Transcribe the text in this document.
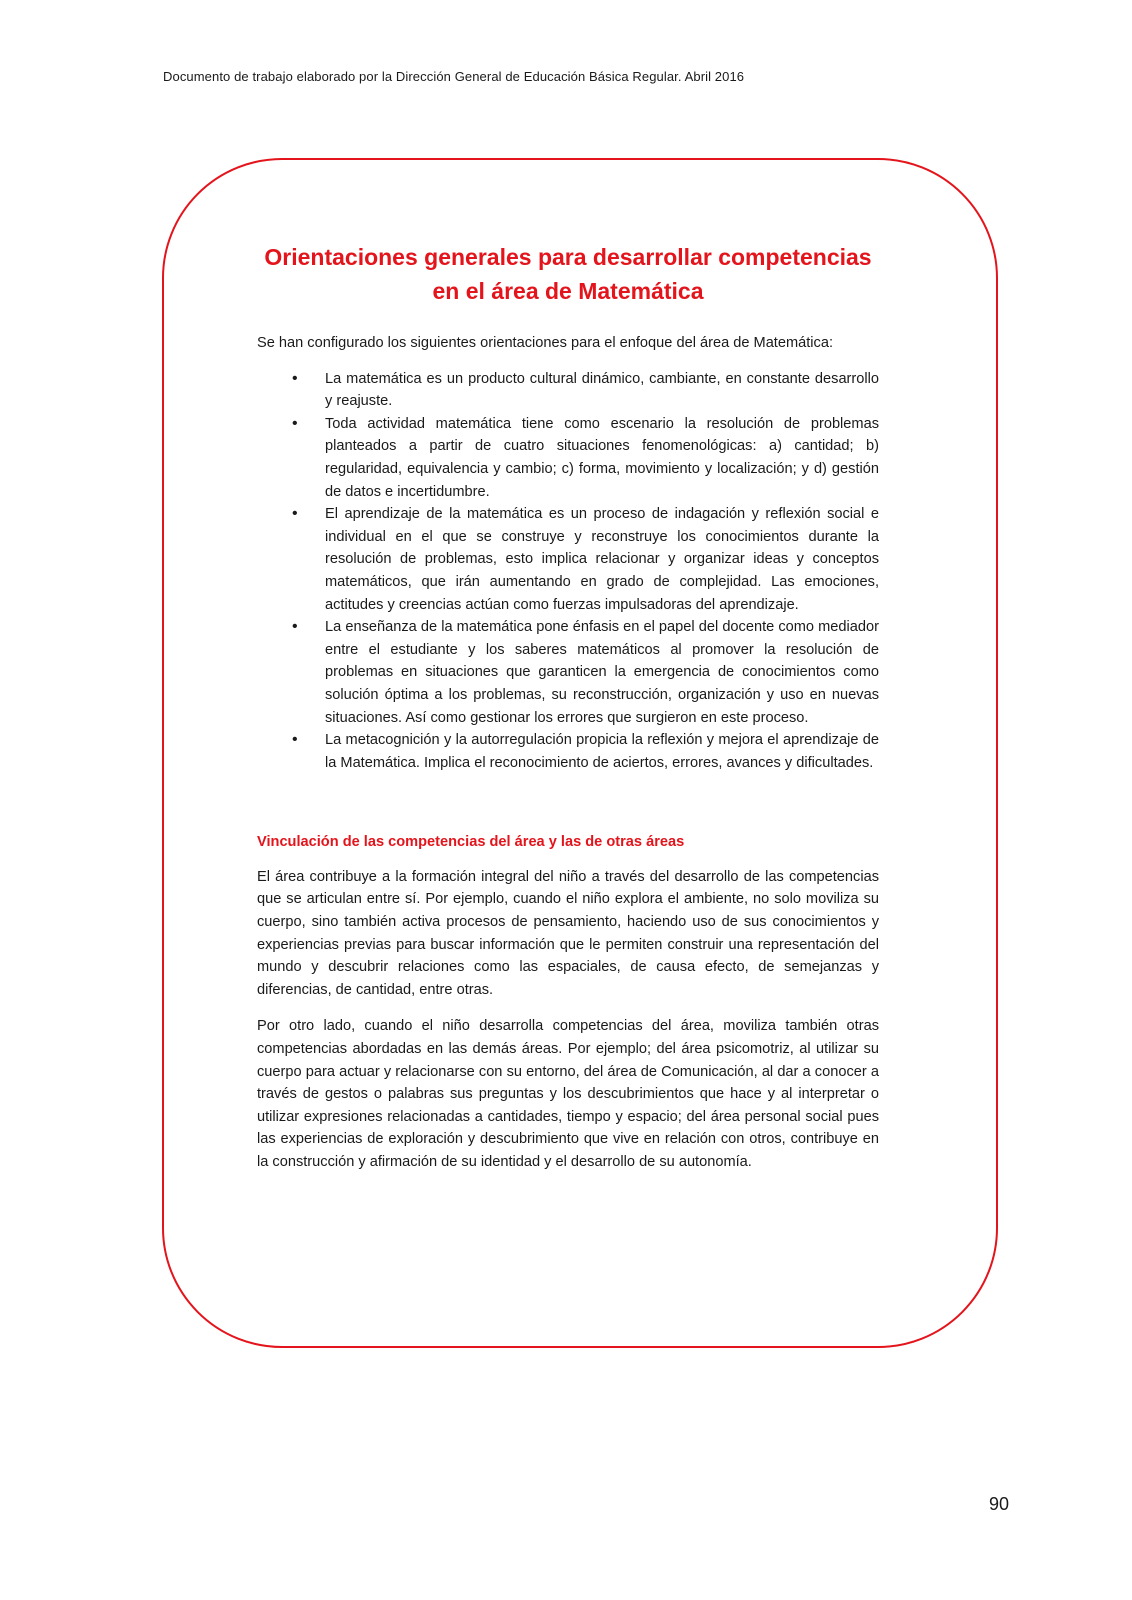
Documento de trabajo elaborado por la Dirección General de Educación Básica Regular. Abril 2016
Orientaciones generales para desarrollar competencias
en el área de Matemática

Se han configurado los siguientes orientaciones para el enfoque del área de Matemática:

• La matemática es un producto cultural dinámico, cambiante, en constante desarrollo y reajuste.
• Toda actividad matemática tiene como escenario la resolución de problemas planteados a partir de cuatro situaciones fenomenológicas: a) cantidad; b) regularidad, equivalencia y cambio; c) forma, movimiento y localización; y d) gestión de datos e incertidumbre.
• El aprendizaje de la matemática es un proceso de indagación y reflexión social e individual en el que se construye y reconstruye los conocimientos durante la resolución de problemas, esto implica relacionar y organizar ideas y conceptos matemáticos, que irán aumentando en grado de complejidad. Las emociones, actitudes y creencias actúan como fuerzas impulsadoras del aprendizaje.
• La enseñanza de la matemática pone énfasis en el papel del docente como mediador entre el estudiante y los saberes matemáticos al promover la resolución de problemas en situaciones que garanticen la emergencia de conocimientos como solución óptima a los problemas, su reconstrucción, organización y uso en nuevas situaciones. Así como gestionar los errores que surgieron en este proceso.
• La metacognición y la autorregulación propicia la reflexión y mejora el aprendizaje de la Matemática. Implica el reconocimiento de aciertos, errores, avances y dificultades.
Vinculación de las competencias del área y las de otras áreas

El área contribuye a la formación integral del niño a través del desarrollo de las competencias que se articulan entre sí. Por ejemplo, cuando el niño explora el ambiente, no solo moviliza su cuerpo, sino también activa procesos de pensamiento, haciendo uso de sus conocimientos y experiencias previas para buscar información que le permiten construir una representación del mundo y descubrir relaciones como las espaciales, de causa efecto, de semejanzas y diferencias, de cantidad, entre otras.

Por otro lado, cuando el niño desarrolla competencias del área, moviliza también otras competencias abordadas en las demás áreas. Por ejemplo; del área psicomotriz, al utilizar su cuerpo para actuar y relacionarse con su entorno, del área de Comunicación, al dar a conocer a través de gestos o palabras sus preguntas y los descubrimientos que hace y al interpretar o utilizar expresiones relacionadas a cantidades, tiempo y espacio; del área personal social pues las experiencias de exploración y descubrimiento que vive en relación con otros, contribuye en la construcción y afirmación de su identidad y el desarrollo de su autonomía.

90
